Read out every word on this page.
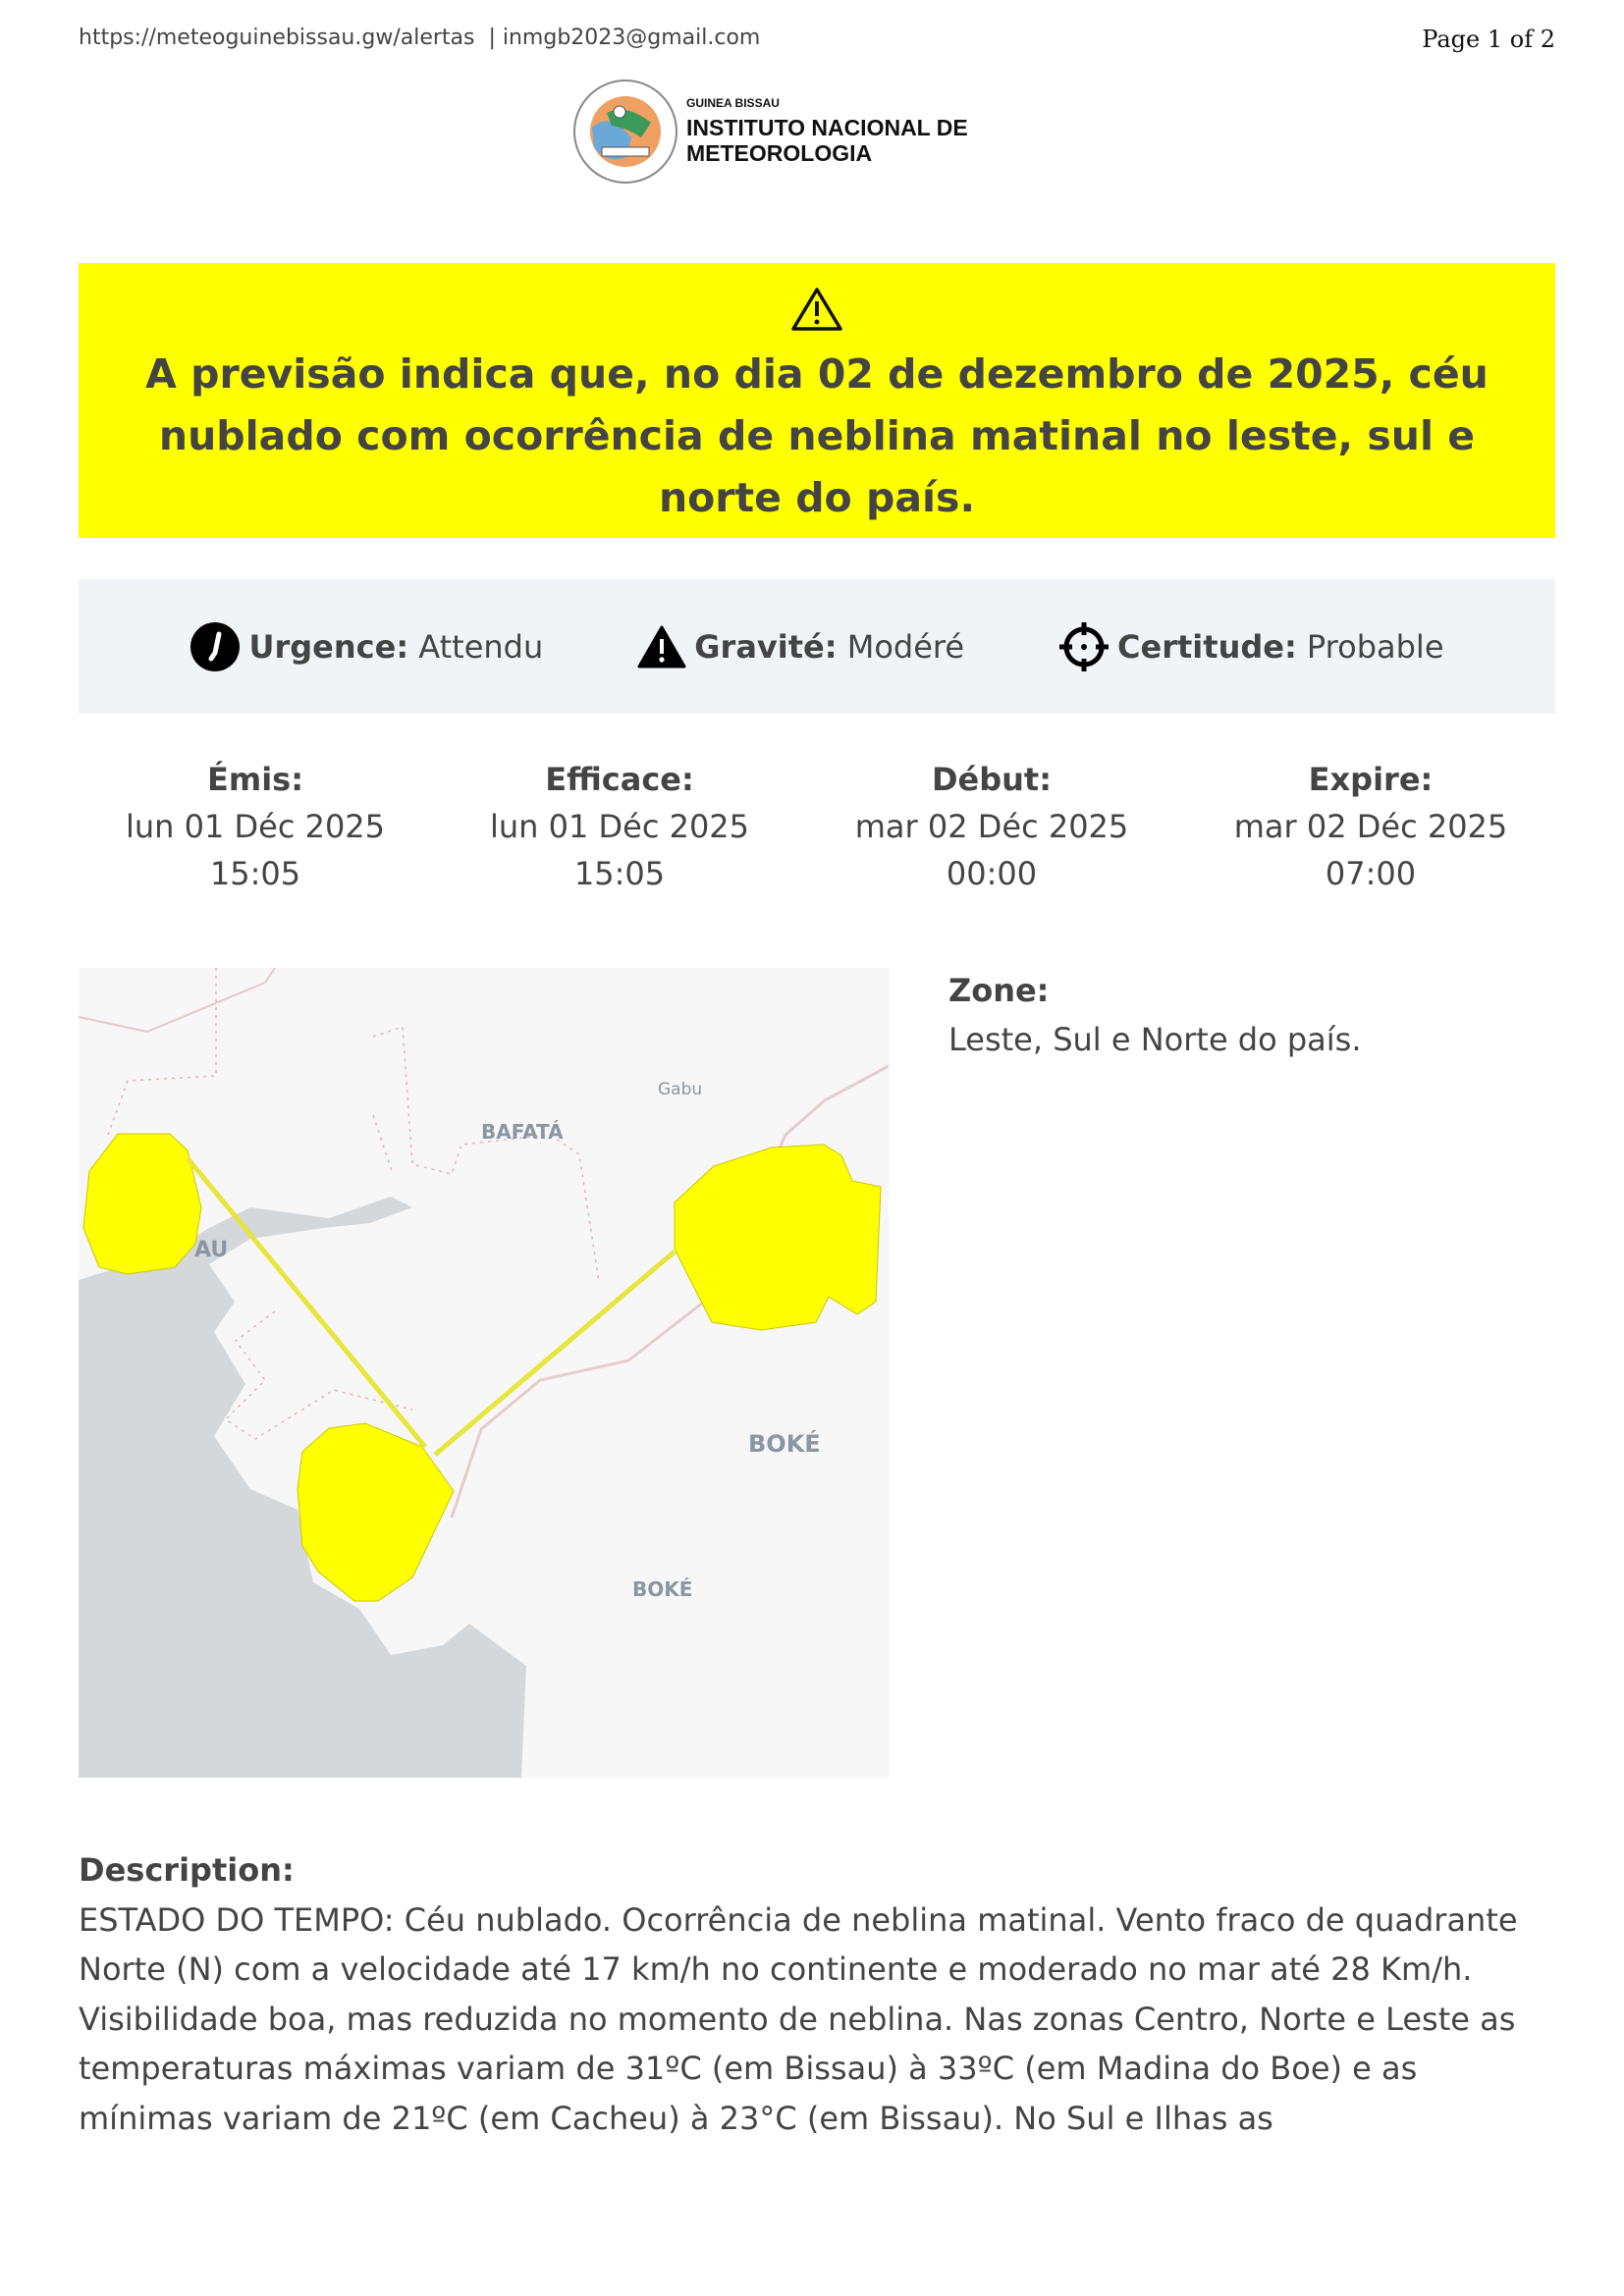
https://meteoguinebissau.gw/alertas  | inmgb2023@gmail.com	Page 1 of 2
GUINEA BISSAU
INSTITUTO NACIONAL DE
METEOROLOGIA
A previsão indica que, no dia 02 de dezembro de 2025, céu nublado com ocorrência de neblina matinal no leste, sul e norte do país.
Urgence: Attendu	Gravité: Modéré	Certitude: Probable
Émis:
lun 01 Déc 2025
15:05
Efficace:
lun 01 Déc 2025
15:05
Début:
mar 02 Déc 2025
00:00
Expire:
mar 02 Déc 2025
07:00
Gabu
BAFATÁ
AU
BOKÉ
BOKÉ
Zone:
Leste, Sul e Norte do país.
Description:
ESTADO DO TEMPO: Céu nublado. Ocorrência de neblina matinal. Vento fraco de quadrante Norte (N) com a velocidade até 17 km/h no continente e moderado no mar até 28 Km/h. Visibilidade boa, mas reduzida no momento de neblina. Nas zonas Centro, Norte e Leste as temperaturas máximas variam de 31ºC (em Bissau) à 33ºC (em Madina do Boe) e as mínimas variam de 21ºC (em Cacheu) à 23°C (em Bissau). No Sul e Ilhas as
